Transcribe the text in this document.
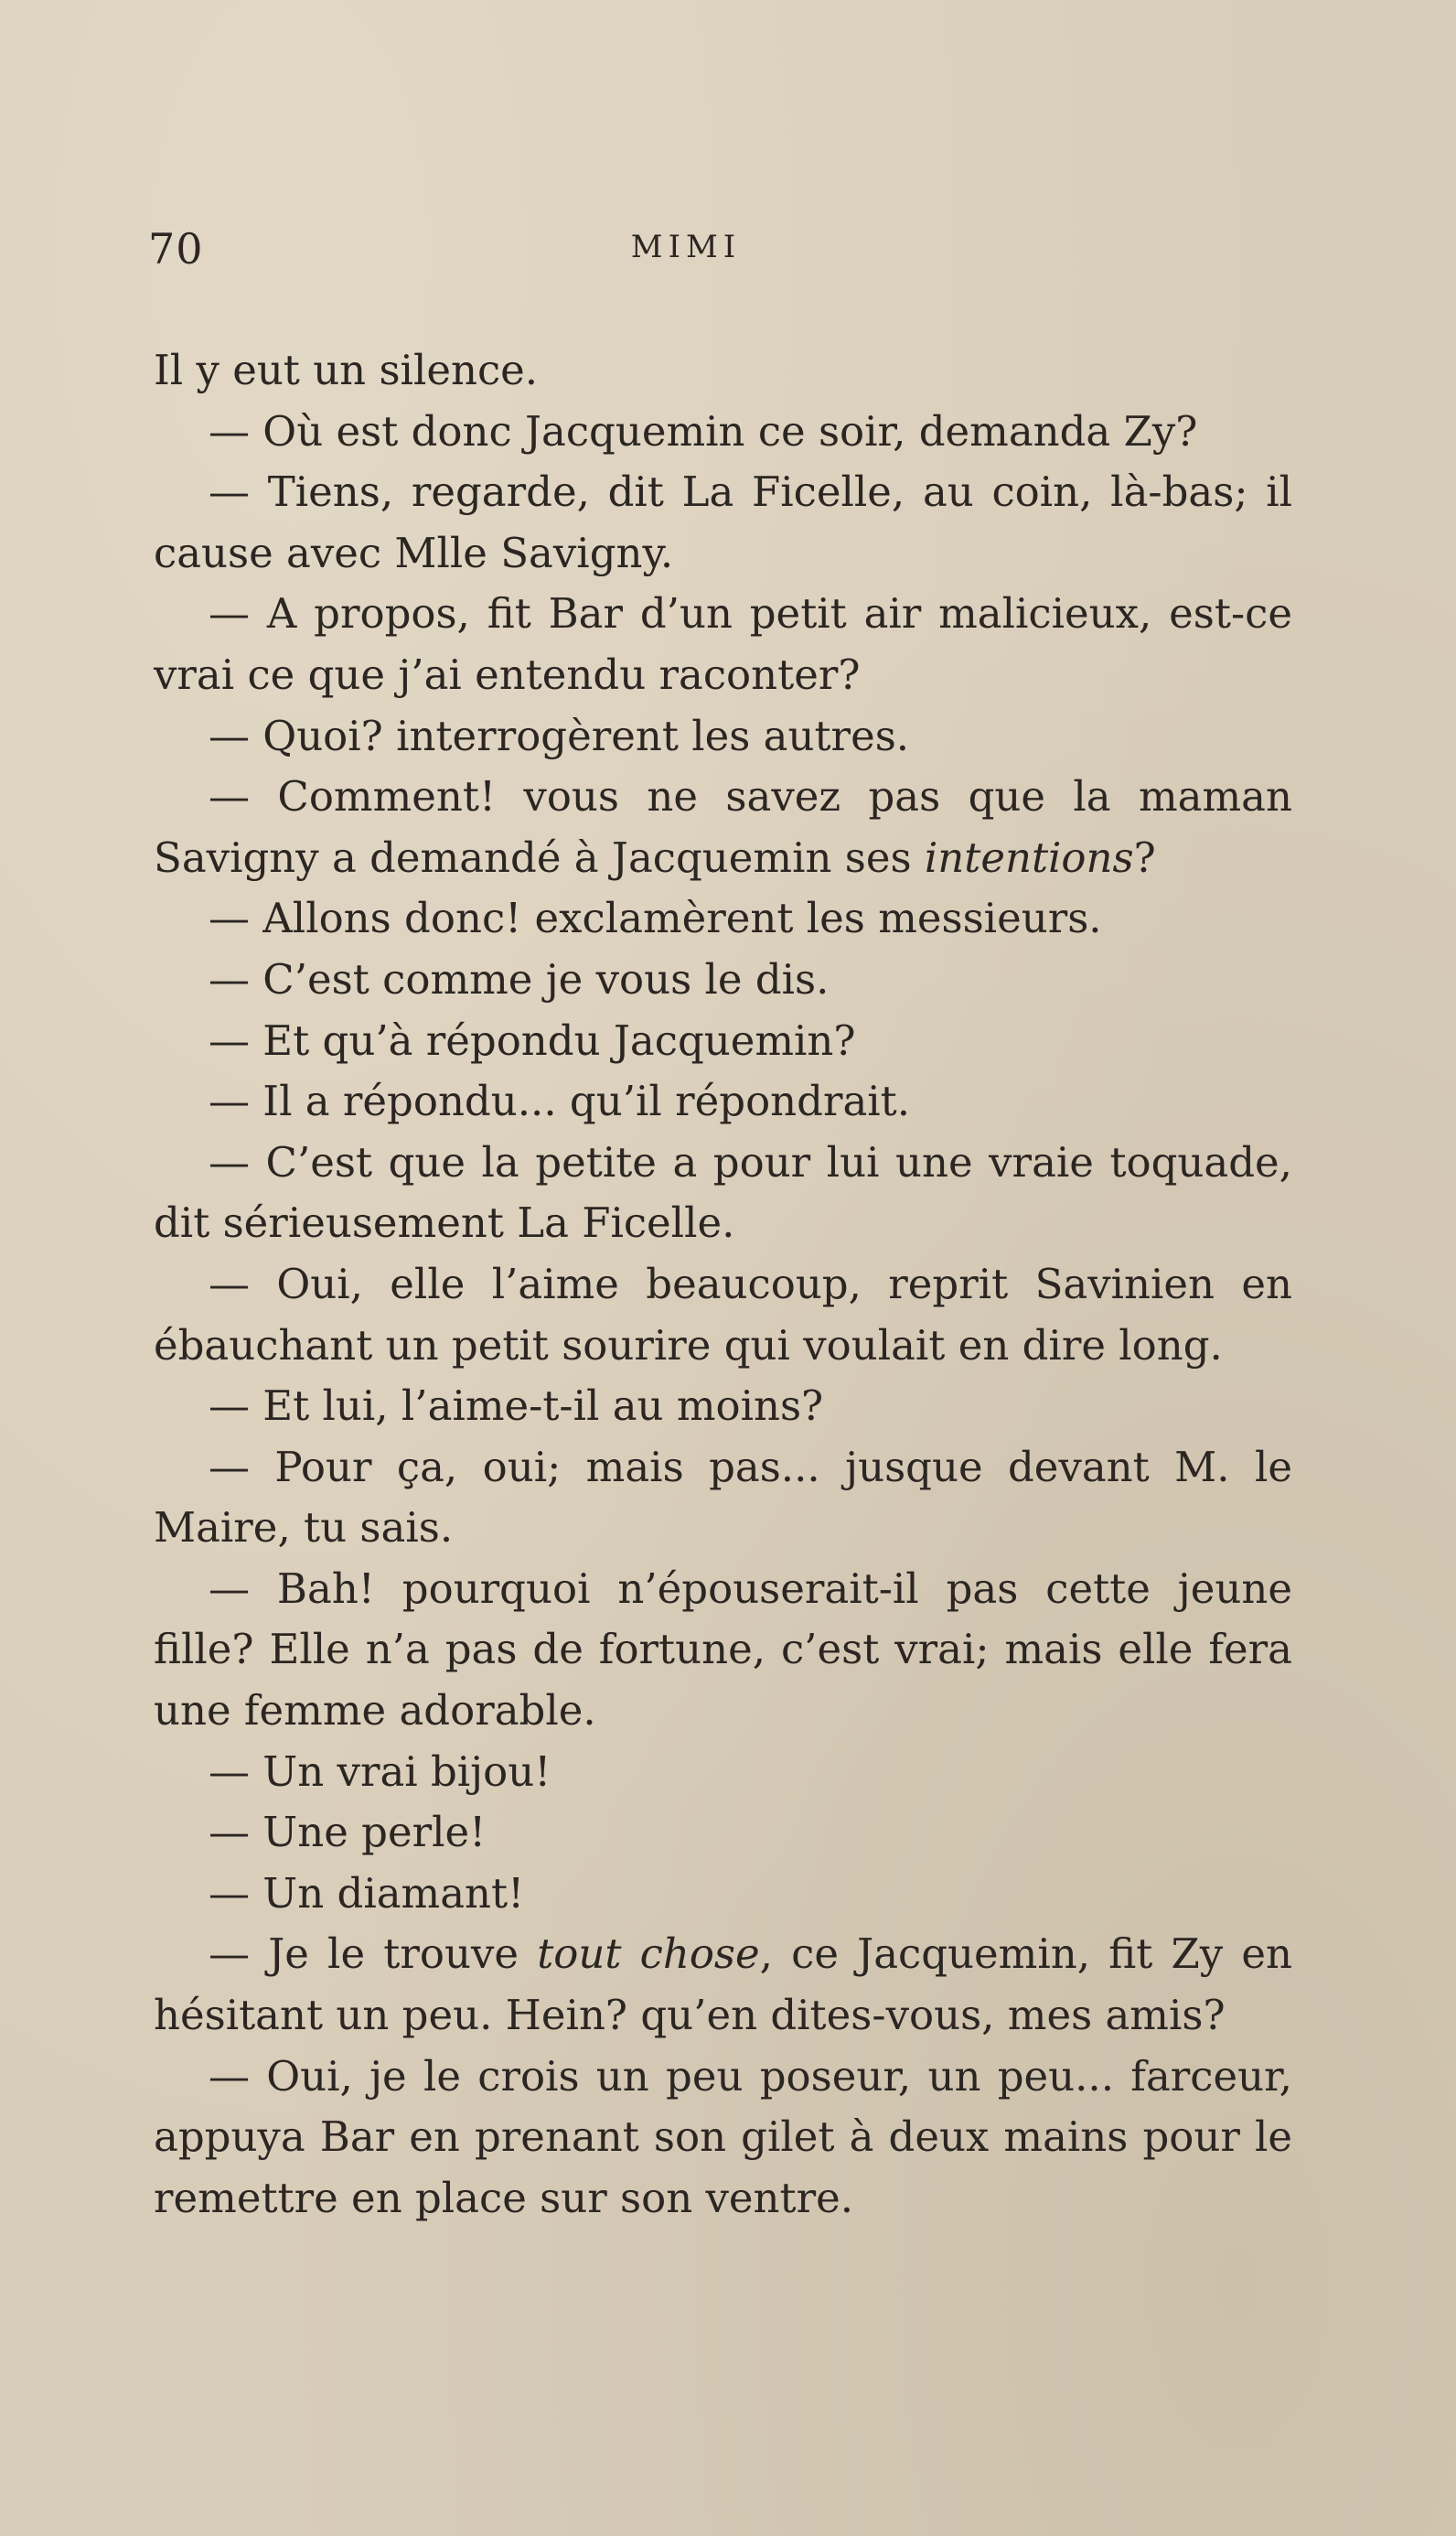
70	MIMI

Il y eut un silence.

— Où est donc Jacquemin ce soir, demanda Zy?

— Tiens, regarde, dit La Ficelle, au coin, là-bas; il cause avec Mlle Savigny.

— A propos, fit Bar d’un petit air malicieux, est-ce vrai ce que j’ai entendu raconter?

— Quoi? interrogèrent les autres.

— Comment! vous ne savez pas que la maman Savigny a demandé à Jacquemin ses intentions?

— Allons donc! exclamèrent les messieurs.

— C’est comme je vous le dis.

— Et qu’à répondu Jacquemin?

— Il a répondu... qu’il répondrait.

— C’est que la petite a pour lui une vraie toquade, dit sérieusement La Ficelle.

— Oui, elle l’aime beaucoup, reprit Savinien en ébauchant un petit sourire qui voulait en dire long.

— Et lui, l’aime-t-il au moins?

— Pour ça, oui; mais pas... jusque devant M. le Maire, tu sais.

— Bah! pourquoi n’épouserait-il pas cette jeune fille? Elle n’a pas de fortune, c’est vrai; mais elle fera une femme adorable.

— Un vrai bijou!

— Une perle!

— Un diamant!

— Je le trouve tout chose, ce Jacquemin, fit Zy en hésitant un peu. Hein? qu’en dites-vous, mes amis?

— Oui, je le crois un peu poseur, un peu... farceur, appuya Bar en prenant son gilet à deux mains pour le remettre en place sur son ventre.
